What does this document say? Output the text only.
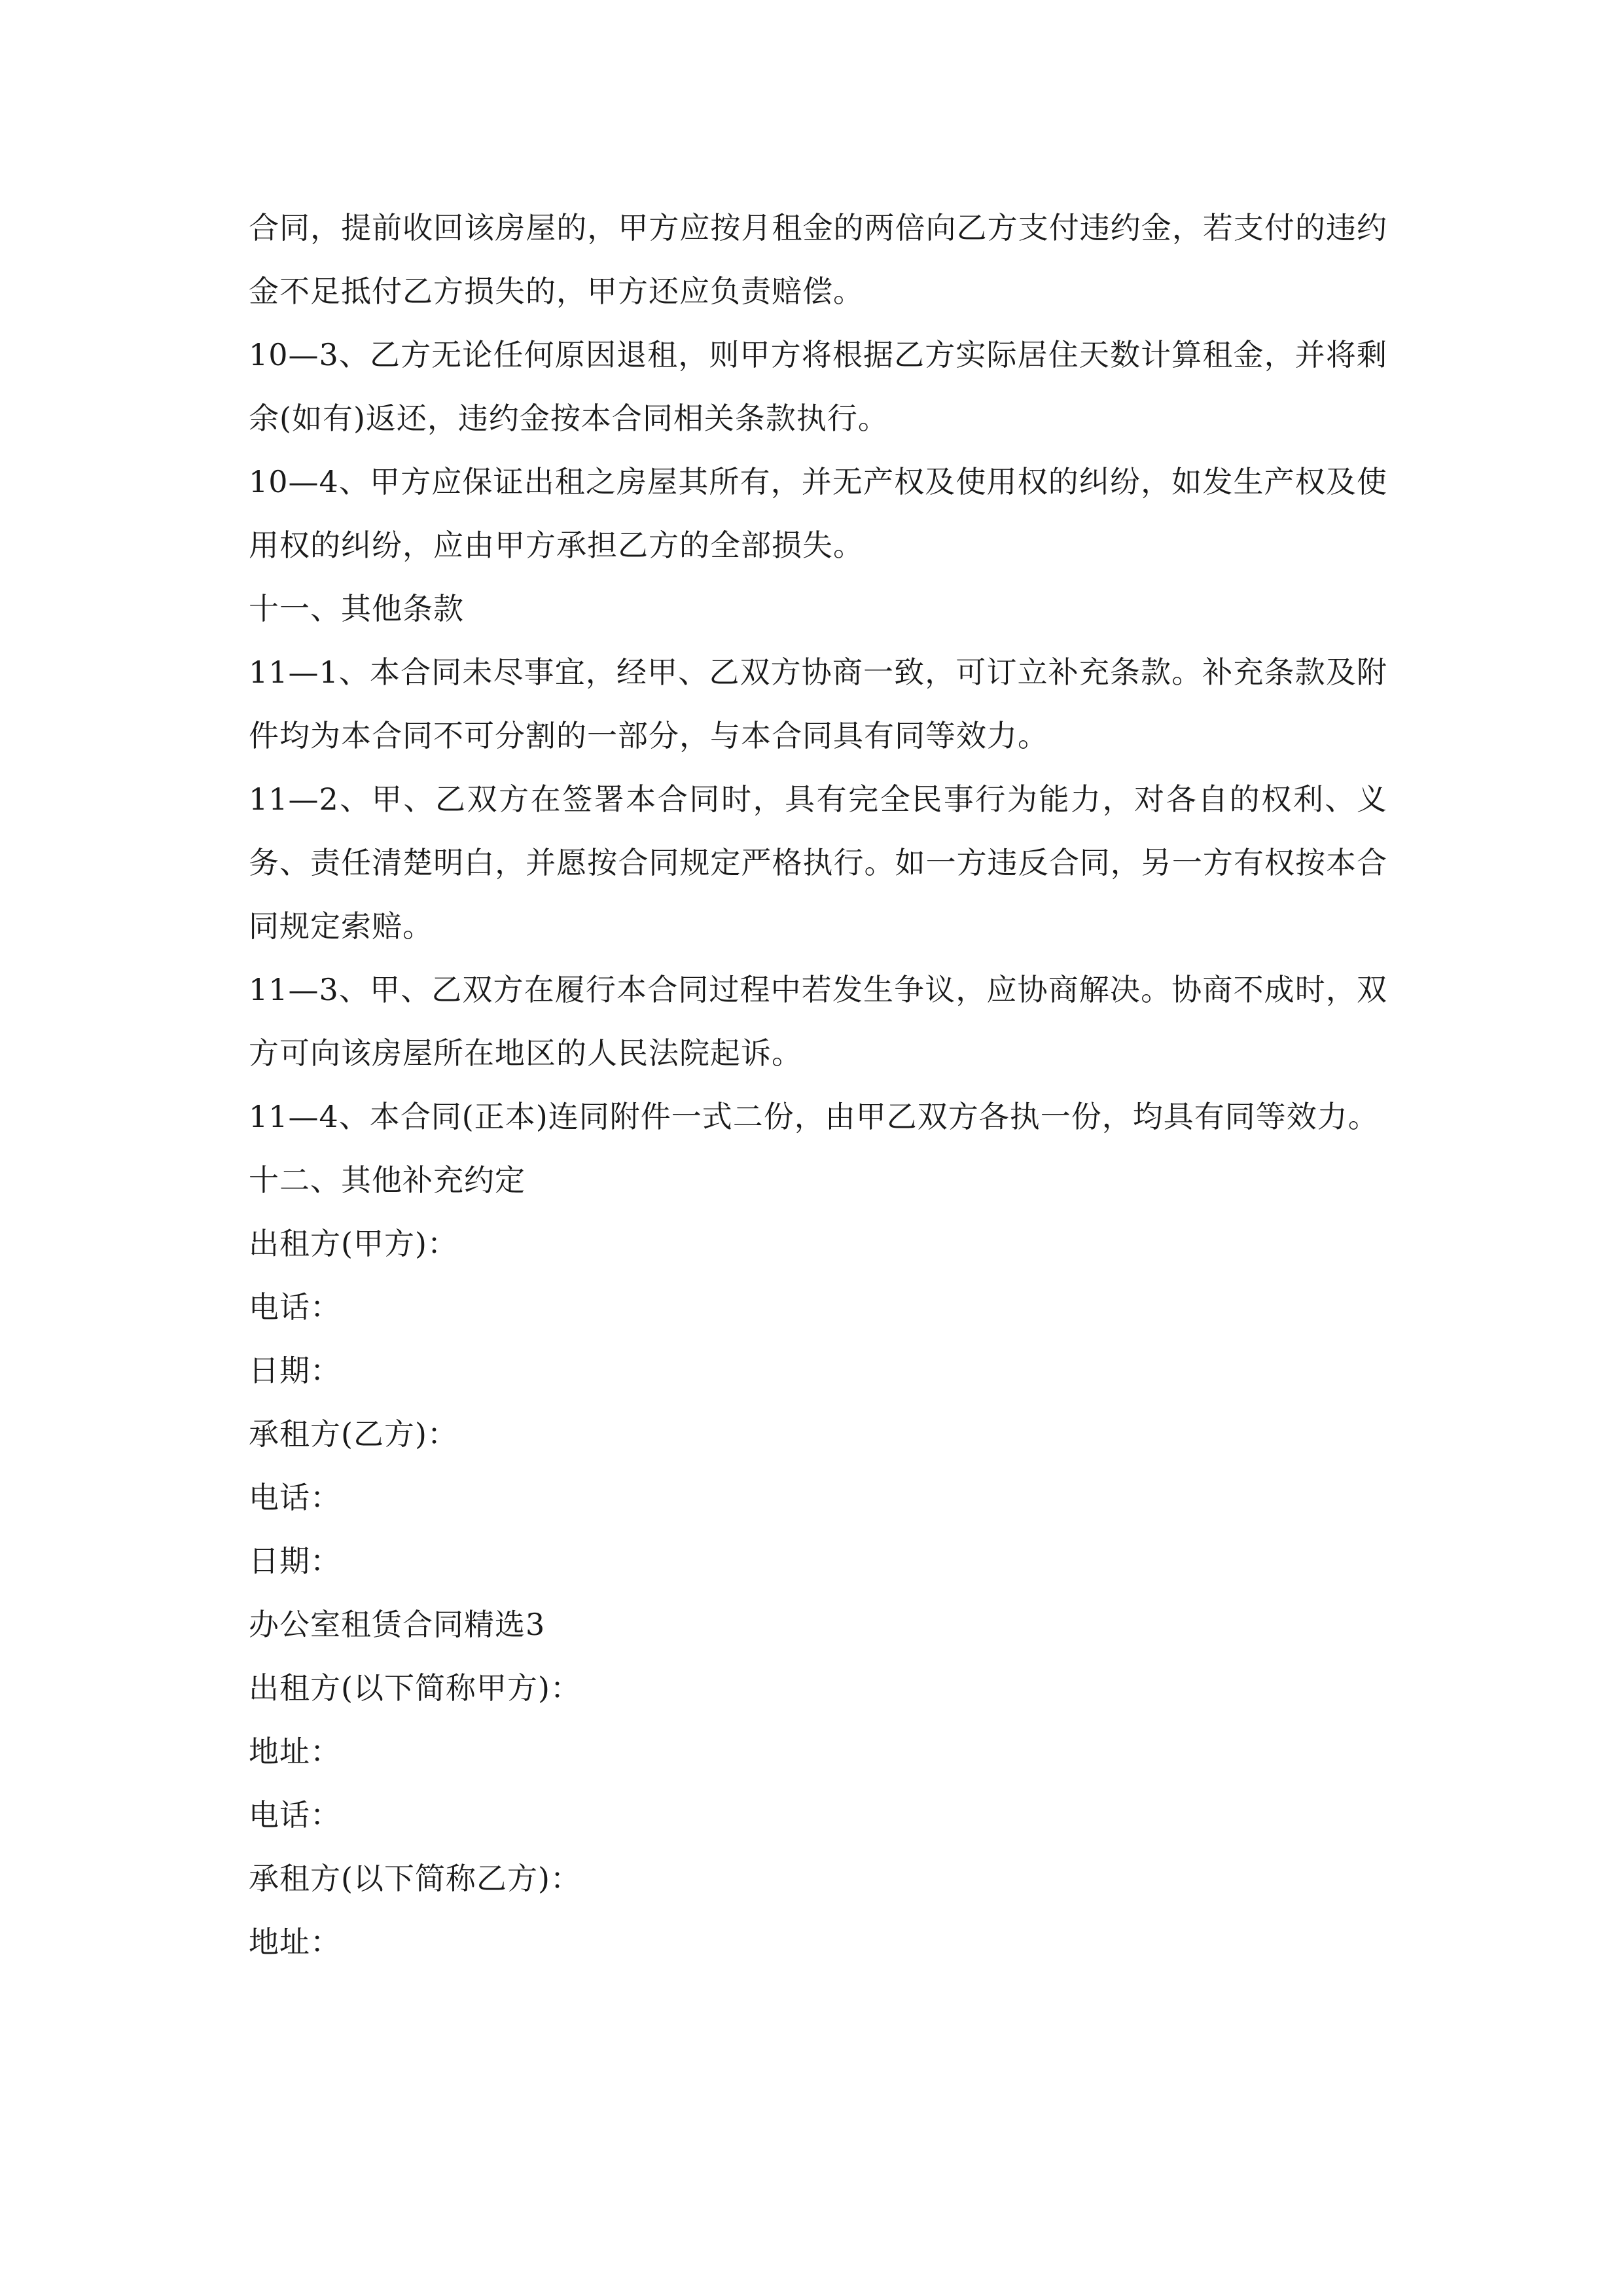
合同，提前收回该房屋的，甲方应按月租金的两倍向乙方支付违约金，若支付的违约金不足抵付乙方损失的，甲方还应负责赔偿。

10—3、乙方无论任何原因退租，则甲方将根据乙方实际居住天数计算租金，并将剩余(如有)返还，违约金按本合同相关条款执行。

10—4、甲方应保证出租之房屋其所有，并无产权及使用权的纠纷，如发生产权及使用权的纠纷，应由甲方承担乙方的全部损失。

十一、其他条款

11—1、本合同未尽事宜，经甲、乙双方协商一致，可订立补充条款。补充条款及附件均为本合同不可分割的一部分，与本合同具有同等效力。

11—2、甲、乙双方在签署本合同时，具有完全民事行为能力，对各自的权利、义务、责任清楚明白，并愿按合同规定严格执行。如一方违反合同，另一方有权按本合同规定索赔。

11—3、甲、乙双方在履行本合同过程中若发生争议，应协商解决。协商不成时，双方可向该房屋所在地区的人民法院起诉。

11—4、本合同(正本)连同附件一式二份，由甲乙双方各执一份，均具有同等效力。

十二、其他补充约定

出租方(甲方)：

电话：

日期：

承租方(乙方)：

电话：

日期：

办公室租赁合同精选3

出租方(以下简称甲方)：

地址：

电话：

承租方(以下简称乙方)：

地址：
